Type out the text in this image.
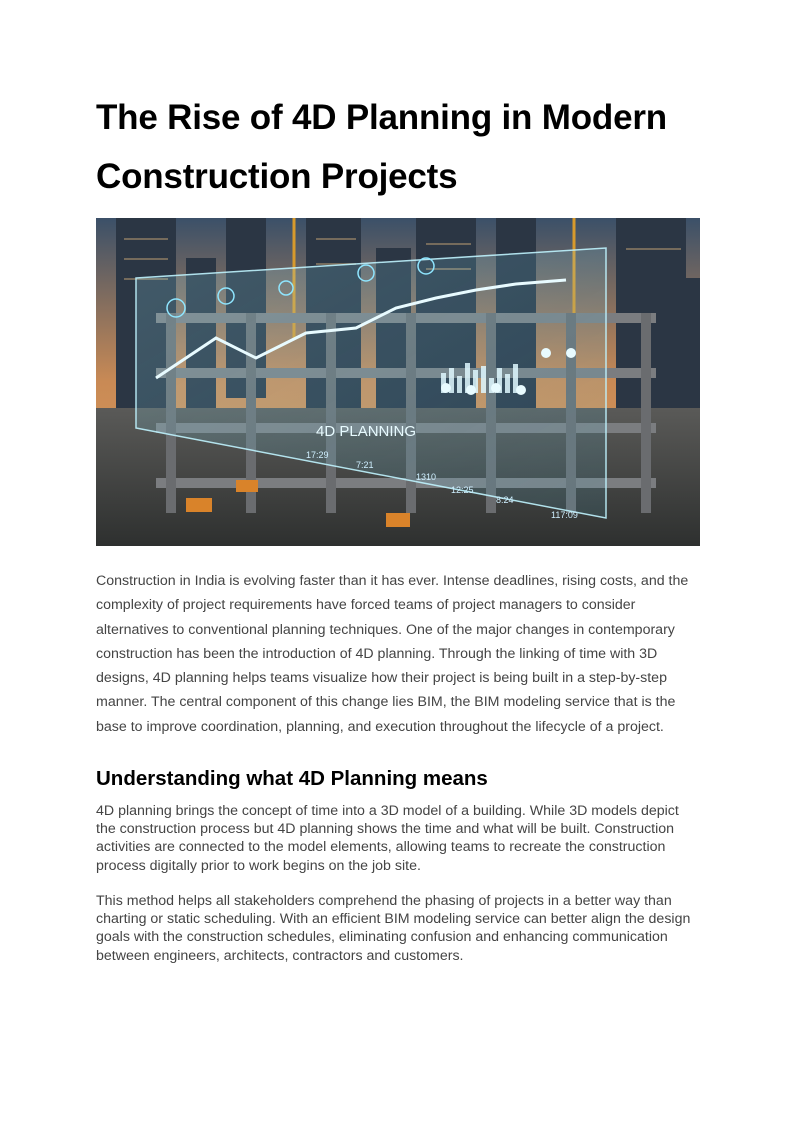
The Rise of 4D Planning in Modern Construction Projects
4D PLANNING
1310
17:29
7:21
12:25
8:24
117:09

Construction in India is evolving faster than it has ever. Intense deadlines, rising costs, and the complexity of project requirements have forced teams of project managers to consider alternatives to conventional planning techniques. One of the major changes in contemporary construction has been the introduction of 4D planning. Through the linking of time with 3D designs, 4D planning helps teams visualize how their project is being built in a step-by-step manner. The central component of this change lies BIM, the BIM modeling service that is the base to improve coordination, planning, and execution throughout the lifecycle of a project.

Understanding what 4D Planning means

4D planning brings the concept of time into a 3D model of a building. While 3D models depict the construction process but 4D planning shows the time and what will be built. Construction activities are connected to the model elements, allowing teams to recreate the construction process digitally prior to work begins on the job site.

This method helps all stakeholders comprehend the phasing of projects in a better way than charting or static scheduling. With an efficient BIM modeling service can better align the design goals with the construction schedules, eliminating confusion and enhancing communication between engineers, architects, contractors and customers.
